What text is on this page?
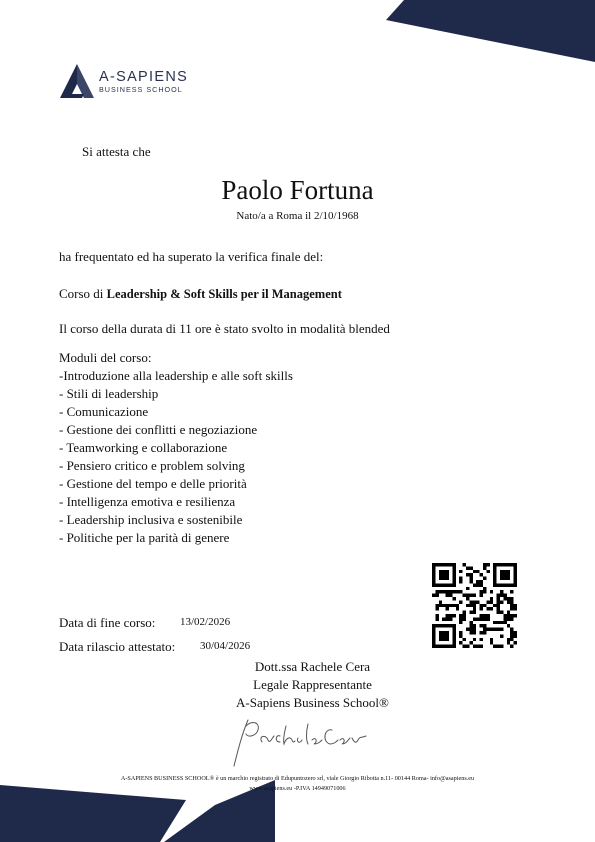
A-SAPIENS
BUSINESS SCHOOL
Si attesta che
Paolo Fortuna
Nato/a a Roma il 2/10/1968
ha frequentato ed ha superato la verifica finale del:
Corso di Leadership & Soft Skills per il Management
Il corso della durata di 11 ore è stato svolto in modalità blended
Moduli del corso:
-Introduzione alla leadership e alle soft skills
- Stili di leadership
- Comunicazione
- Gestione dei conflitti e negoziazione
- Teamworking e collaborazione
- Pensiero critico e problem solving
- Gestione del tempo e delle priorità
- Intelligenza emotiva e resilienza
- Leadership inclusiva e sostenibile
- Politiche per la parità di genere
Data di fine corso: 13/02/2026
Data rilascio attestato: 30/04/2026
Dott.ssa Rachele Cera
Legale Rappresentante
A-Sapiens Business School®
A-SAPIENS BUSINESS SCHOOL® è un marchio registrato di Edupuntozero srl, viale Giorgio Ribotta n.11- 00144 Roma- info@asapiens.eu
www.asapiens.eu -P.IVA 14949071006
